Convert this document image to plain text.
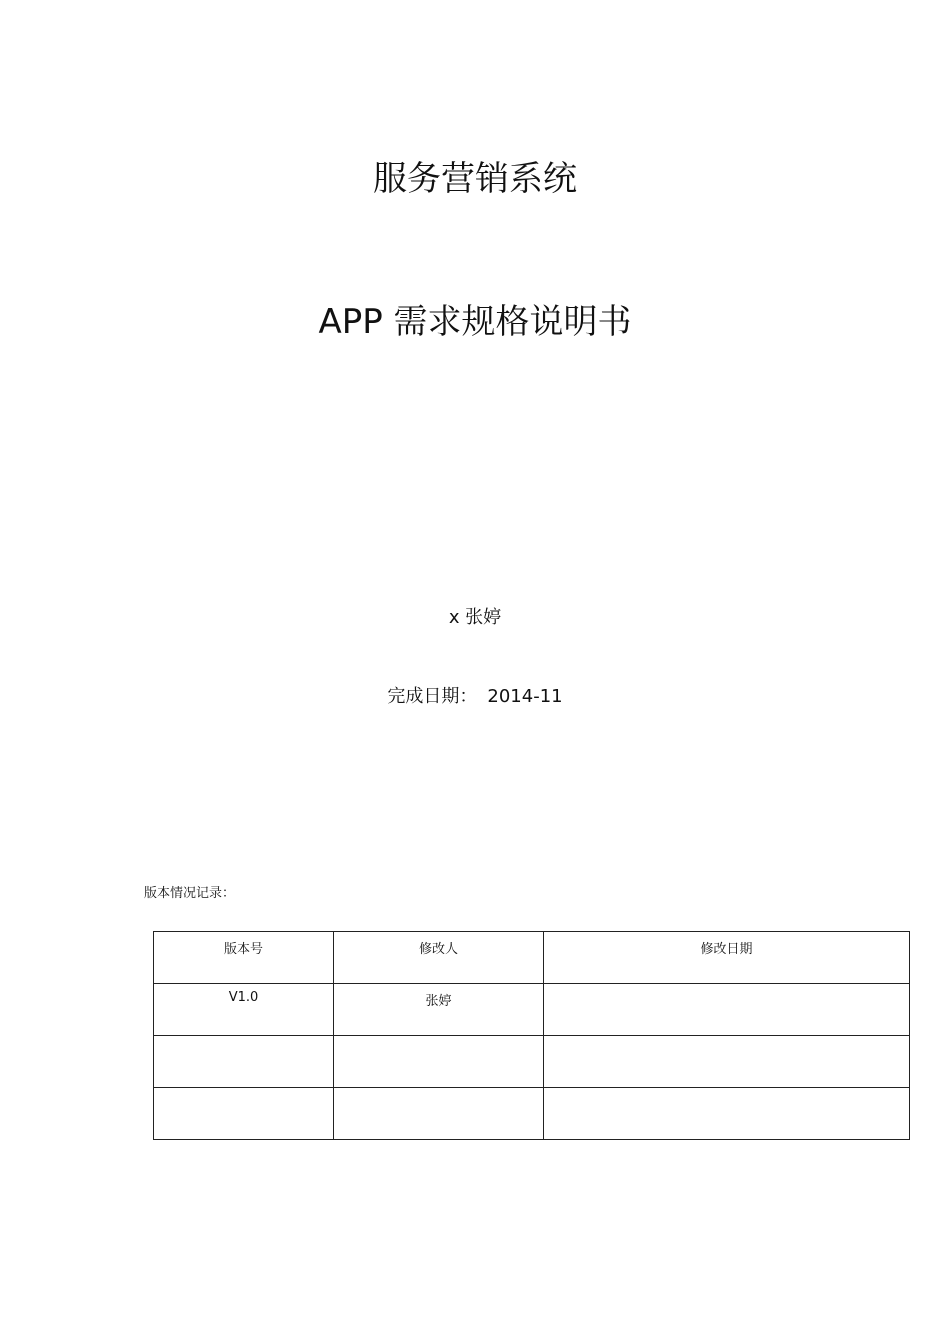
服务营销系统
APP 需求规格说明书
x 张婷
完成日期： 2014-11
版本情况记录：
版本号	修改人	修改日期
V1.0	张婷	
